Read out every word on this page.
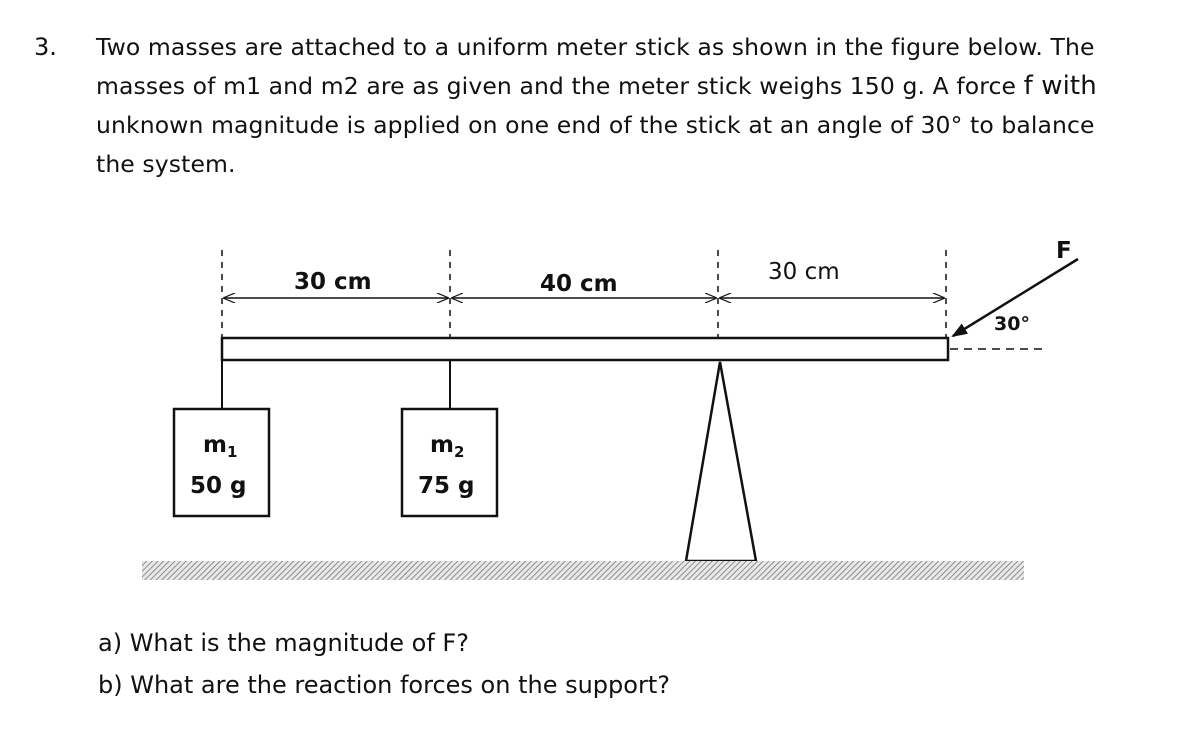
3. Two masses are attached to a uniform meter stick as shown in the figure below. The
masses of m1 and m2 are as given and the meter stick weighs 150 g. A force f with
unknown magnitude is applied on one end of the stick at an angle of 30° to balance
the system.
30 cm	40 cm	30 cm
$m_1$
50 g
$m_2$
75 g
F
30°
a) What is the magnitude of F?
b) What are the reaction forces on the support?
